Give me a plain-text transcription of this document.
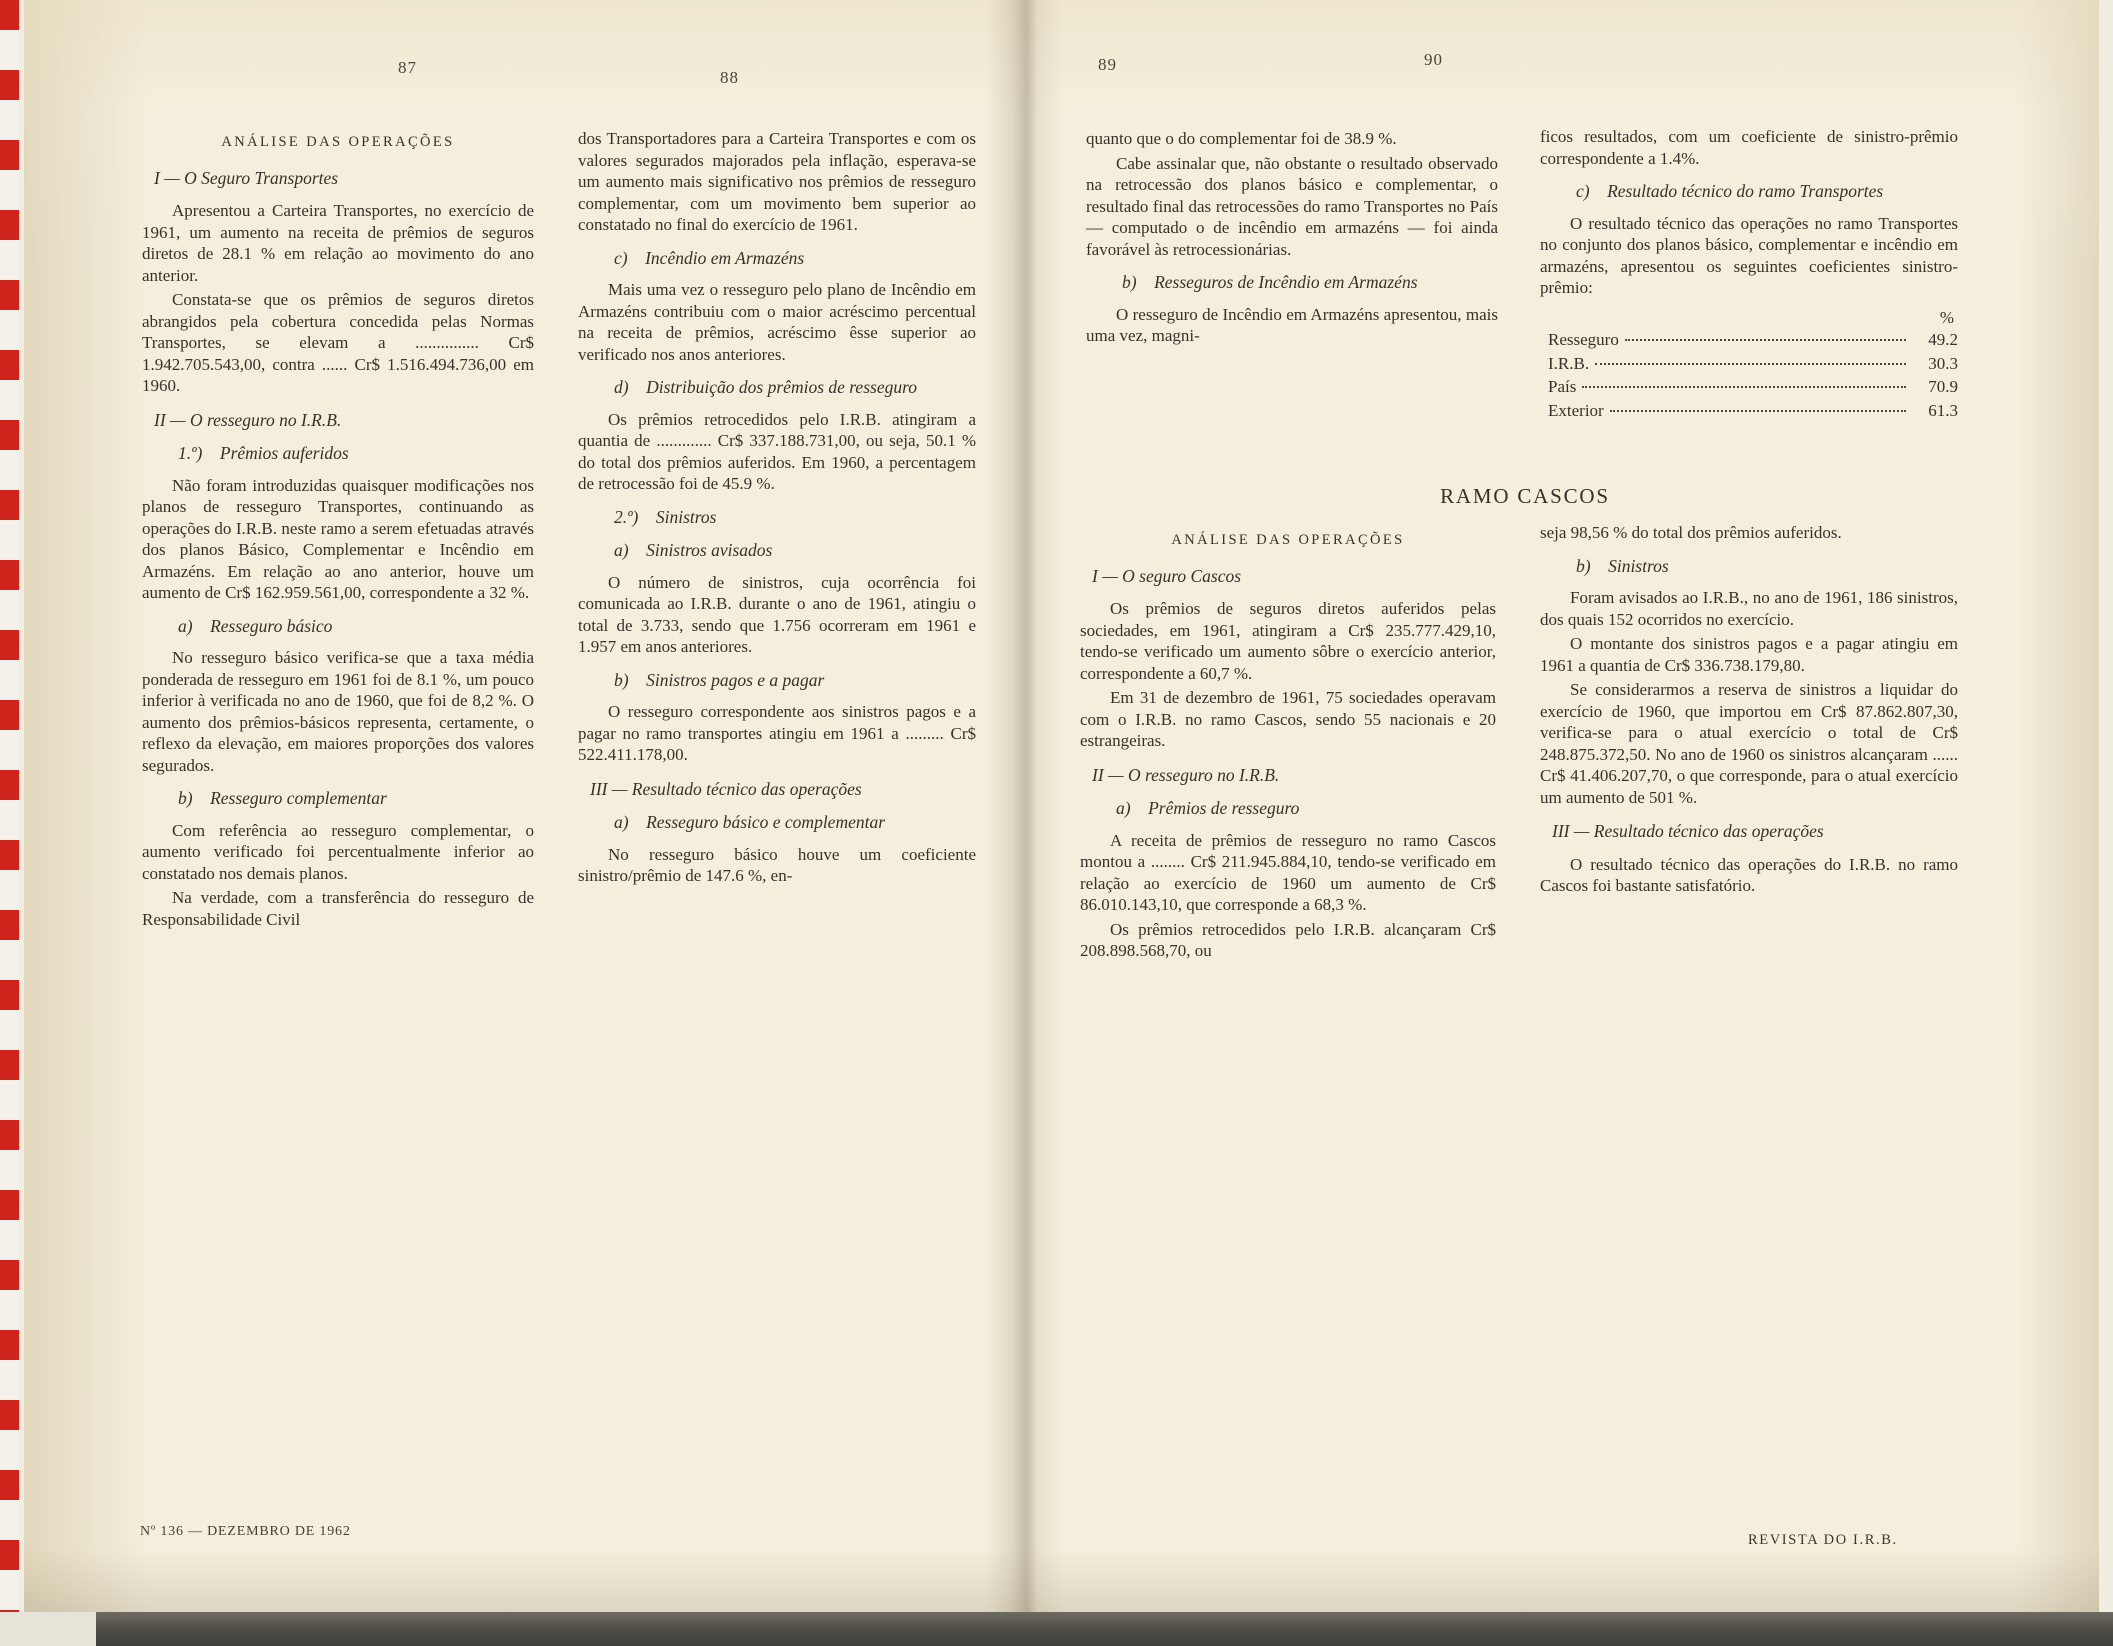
87
88
89	90
ANÁLISE DAS OPERAÇÕES
I — O Seguro Transportes

Apresentou a Carteira Transportes, no exercício de 1961, um aumento na receita de prêmios de seguros diretos de 28.1 % em relação ao movimento do ano anterior.

Constata-se que os prêmios de seguros diretos abrangidos pela cobertura concedida pelas Normas Transportes, se elevam a ............... Cr$ 1.942.705.543,00, contra ...... Cr$ 1.516.494.736,00 em 1960.

II — O resseguro no I.R.B.
1.º) Prêmios auferidos

Não foram introduzidas quaisquer modificações nos planos de resseguro Transportes, continuando as operações do I.R.B. neste ramo a serem efetuadas através dos planos Básico, Complementar e Incêndio em Armazéns. Em relação ao ano anterior, houve um aumento de Cr$ 162.959.561,00, correspondente a 32 %.

a) Resseguro básico

No resseguro básico verifica-se que a taxa média ponderada de resseguro em 1961 foi de 8.1 %, um pouco inferior à verificada no ano de 1960, que foi de 8,2 %. O aumento dos prêmios-básicos representa, certamente, o reflexo da elevação, em maiores proporções dos valores segurados.

b) Resseguro complementar

Com referência ao resseguro complementar, o aumento verificado foi percentualmente inferior ao constatado nos demais planos.

Na verdade, com a transferência do resseguro de Responsabilidade Civil

dos Transportadores para a Carteira Transportes e com os valores segurados majorados pela inflação, esperava-se um aumento mais significativo nos prêmios de resseguro complementar, com um movimento bem superior ao constatado no final do exercício de 1961.

c) Incêndio em Armazéns

Mais uma vez o resseguro pelo plano de Incêndio em Armazéns contribuiu com o maior acréscimo percentual na receita de prêmios, acréscimo êsse superior ao verificado nos anos anteriores.

d) Distribuição dos prêmios de resseguro

Os prêmios retrocedidos pelo I.R.B. atingiram a quantia de ............. Cr$ 337.188.731,00, ou seja, 50.1 % do total dos prêmios auferidos. Em 1960, a percentagem de retrocessão foi de 45.9 %.

2.º) Sinistros
a) Sinistros avisados

O número de sinistros, cuja ocorrência foi comunicada ao I.R.B. durante o ano de 1961, atingiu o total de 3.733, sendo que 1.756 ocorreram em 1961 e 1.957 em anos anteriores.

b) Sinistros pagos e a pagar

O resseguro correspondente aos sinistros pagos e a pagar no ramo transportes atingiu em 1961 a ......... Cr$ 522.411.178,00.

III — Resultado técnico das operações
a) Resseguro básico e complementar

No resseguro básico houve um coeficiente sinistro/prêmio de 147.6 %, en-

quanto que o do complementar foi de 38.9 %.

Cabe assinalar que, não obstante o resultado observado na retrocessão dos planos básico e complementar, o resultado final das retrocessões do ramo Transportes no País — computado o de incêndio em armazéns — foi ainda favorável às retrocessionárias.

b) Resseguros de Incêndio em Armazéns

O resseguro de Incêndio em Armazéns apresentou, mais uma vez, magni-

ficos resultados, com um coeficiente de sinistro-prêmio correspondente a 1.4%.

c) Resultado técnico do ramo Transportes

O resultado técnico das operações no ramo Transportes no conjunto dos planos básico, complementar e incêndio em armazéns, apresentou os seguintes coeficientes sinistro-prêmio:

%
Resseguro	49.2
I.R.B.	30.3
País	70.9
Exterior	61.3
RAMO CASCOS
ANÁLISE DAS OPERAÇÕES
I — O seguro Cascos

Os prêmios de seguros diretos auferidos pelas sociedades, em 1961, atingiram a Cr$ 235.777.429,10, tendo-se verificado um aumento sôbre o exercício anterior, correspondente a 60,7 %.

Em 31 de dezembro de 1961, 75 sociedades operavam com o I.R.B. no ramo Cascos, sendo 55 nacionais e 20 estrangeiras.

II — O resseguro no I.R.B.
a) Prêmios de resseguro

A receita de prêmios de resseguro no ramo Cascos montou a ........ Cr$ 211.945.884,10, tendo-se verificado em relação ao exercício de 1960 um aumento de Cr$ 86.010.143,10, que corresponde a 68,3 %.

Os prêmios retrocedidos pelo I.R.B. alcançaram Cr$ 208.898.568,70, ou

seja 98,56 % do total dos prêmios auferidos.

b) Sinistros

Foram avisados ao I.R.B., no ano de 1961, 186 sinistros, dos quais 152 ocorridos no exercício.

O montante dos sinistros pagos e a pagar atingiu em 1961 a quantia de Cr$ 336.738.179,80.

Se considerarmos a reserva de sinistros a liquidar do exercício de 1960, que importou em Cr$ 87.862.807,30, verifica-se para o atual exercício o total de Cr$ 248.875.372,50. No ano de 1960 os sinistros alcançaram ...... Cr$ 41.406.207,70, o que corresponde, para o atual exercício um aumento de 501 %.

III — Resultado técnico das operações

O resultado técnico das operações do I.R.B. no ramo Cascos foi bastante satisfatório.

Nº 136 — DEZEMBRO DE 1962
REVISTA DO I.R.B.
